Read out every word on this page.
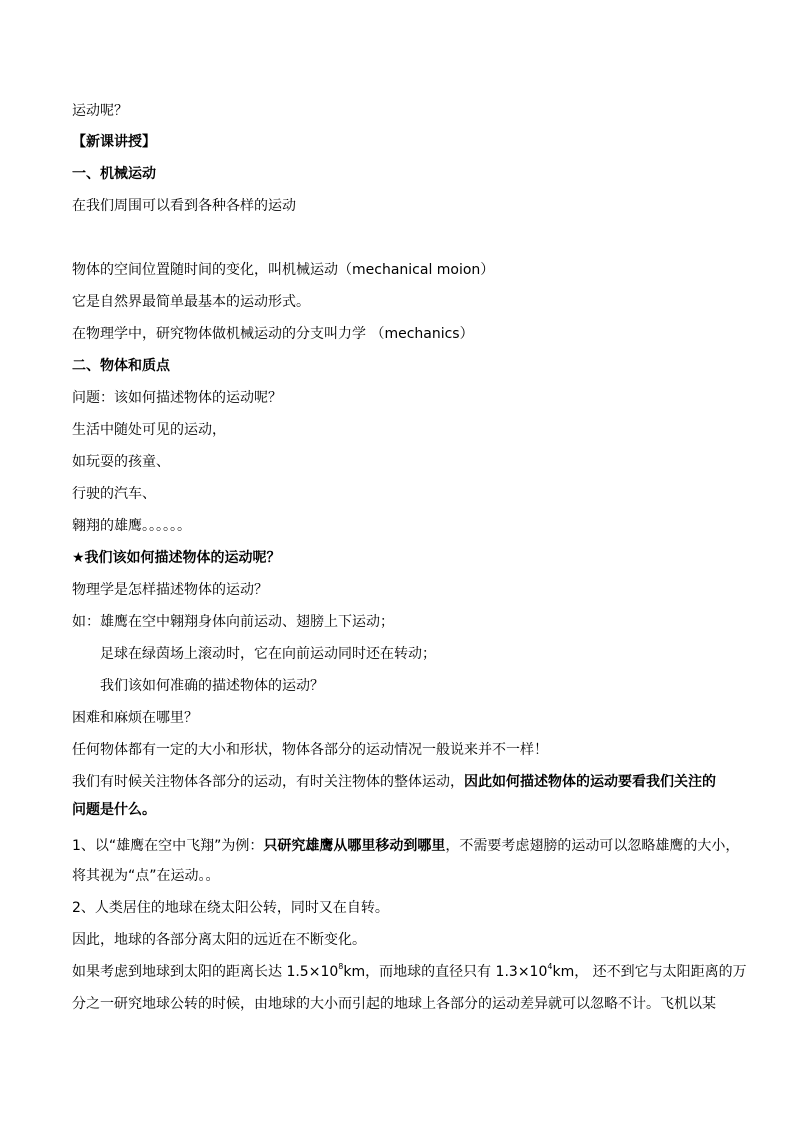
运动呢？
【新课讲授】
一、机械运动
在我们周围可以看到各种各样的运动
物体的空间位置随时间的变化，叫机械运动（mechanical moion）
它是自然界最简单最基本的运动形式。
在物理学中，研究物体做机械运动的分支叫力学 （mechanics）
二、物体和质点
问题：该如何描述物体的运动呢？
生活中随处可见的运动，
如玩耍的孩童、
行驶的汽车、
翱翔的雄鹰。。。。。。
★我们该如何描述物体的运动呢？
物理学是怎样描述物体的运动？
如：雄鹰在空中翱翔身体向前运动、翅膀上下运动；
足球在绿茵场上滚动时，它在向前运动同时还在转动；
我们该如何准确的描述物体的运动？
困难和麻烦在哪里？
任何物体都有一定的大小和形状，物体各部分的运动情况一般说来并不一样！
我们有时候关注物体各部分的运动，有时关注物体的整体运动，因此如何描述物体的运动要看我们关注的
问题是什么。
1、以“雄鹰在空中飞翔”为例：只研究雄鹰从哪里移动到哪里，不需要考虑翅膀的运动可以忽略雄鹰的大小，
将其视为“点”在运动。。
2、人类居住的地球在绕太阳公转，同时又在自转。
因此，地球的各部分离太阳的远近在不断变化。
如果考虑到地球到太阳的距离长达 $1.5\times 10^8km$，而地球的直径只有 $1.3\times 10^4km$， 还不到它与太阳距离的万
分之一研究地球公转的时候，由地球的大小而引起的地球上各部分的运动差异就可以忽略不计。飞机以某
